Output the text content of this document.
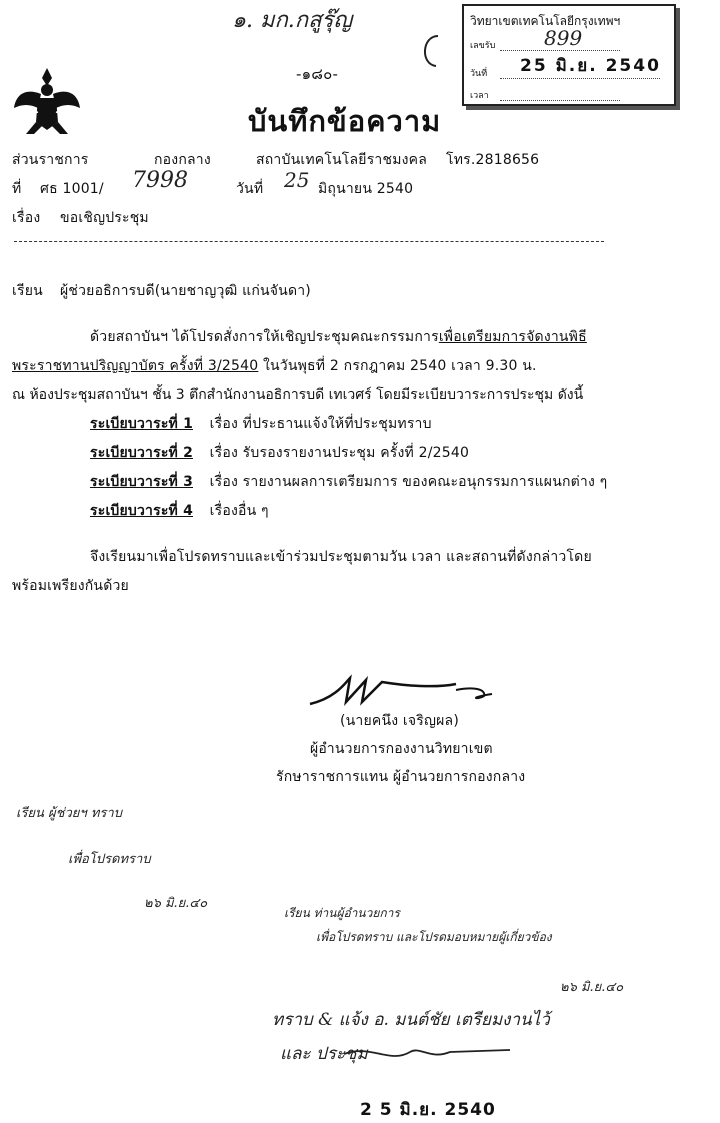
๑. มก.กสูรุ๊ญ	วิทยาเขตเทคโนโลยีกรุงเทพฯ
เลขรับ 899
วันที่ 25 มิ.ย. 2540
เวลา
-๑๘๐-
บันทึกข้อความ
ส่วนราชการ	กองกลาง	สถาบันเทคโนโลยีราชมงคล โทร.2818656
ที่ ศธ 1001/ 7998	วันที่ 25 มิถุนายน 2540
เรื่อง ขอเชิญประชุม
เรียน ผู้ช่วยอธิการบดี(นายชาญวุฒิ แก่นจันดา)
ด้วยสถาบันฯ ได้โปรดสั่งการให้เชิญประชุมคณะกรรมการเพื่อเตรียมการจัดงานพิธี
พระราชทานปริญญาบัตร ครั้งที่ 3/2540 ในวันพุธที่ 2 กรกฎาคม 2540 เวลา 9.30 น.
ณ ห้องประชุมสถาบันฯ ชั้น 3 ตึกสำนักงานอธิการบดี เทเวศร์ โดยมีระเบียบวาระการประชุม ดังนี้
ระเบียบวาระที่ 1 เรื่อง ที่ประธานแจ้งให้ที่ประชุมทราบ
ระเบียบวาระที่ 2 เรื่อง รับรองรายงานประชุม ครั้งที่ 2/2540
ระเบียบวาระที่ 3 เรื่อง รายงานผลการเตรียมการ ของคณะอนุกรรมการแผนกต่าง ๆ
ระเบียบวาระที่ 4 เรื่องอื่น ๆ
จึงเรียนมาเพื่อโปรดทราบและเข้าร่วมประชุมตามวัน เวลา และสถานที่ดังกล่าวโดย
พร้อมเพรียงกันด้วย
(นายคนึง เจริญผล)
ผู้อำนวยการกองงานวิทยาเขต
รักษาราชการแทน ผู้อำนวยการกองกลาง
เรียน ผู้ช่วยฯ ทราบ
เพื่อโปรดทราบ
๒๖ มิ.ย.๔๐
เรียน ท่านผู้อำนวยการ
เพื่อโปรดทราบ และโปรดมอบหมายผู้เกี่ยวข้อง
๒๖ มิ.ย.๔๐
ทราบ & แจ้ง อ. มนต์ชัย เตรียมงานไว้
และ ประชุม
2 5 มิ.ย. 2540
